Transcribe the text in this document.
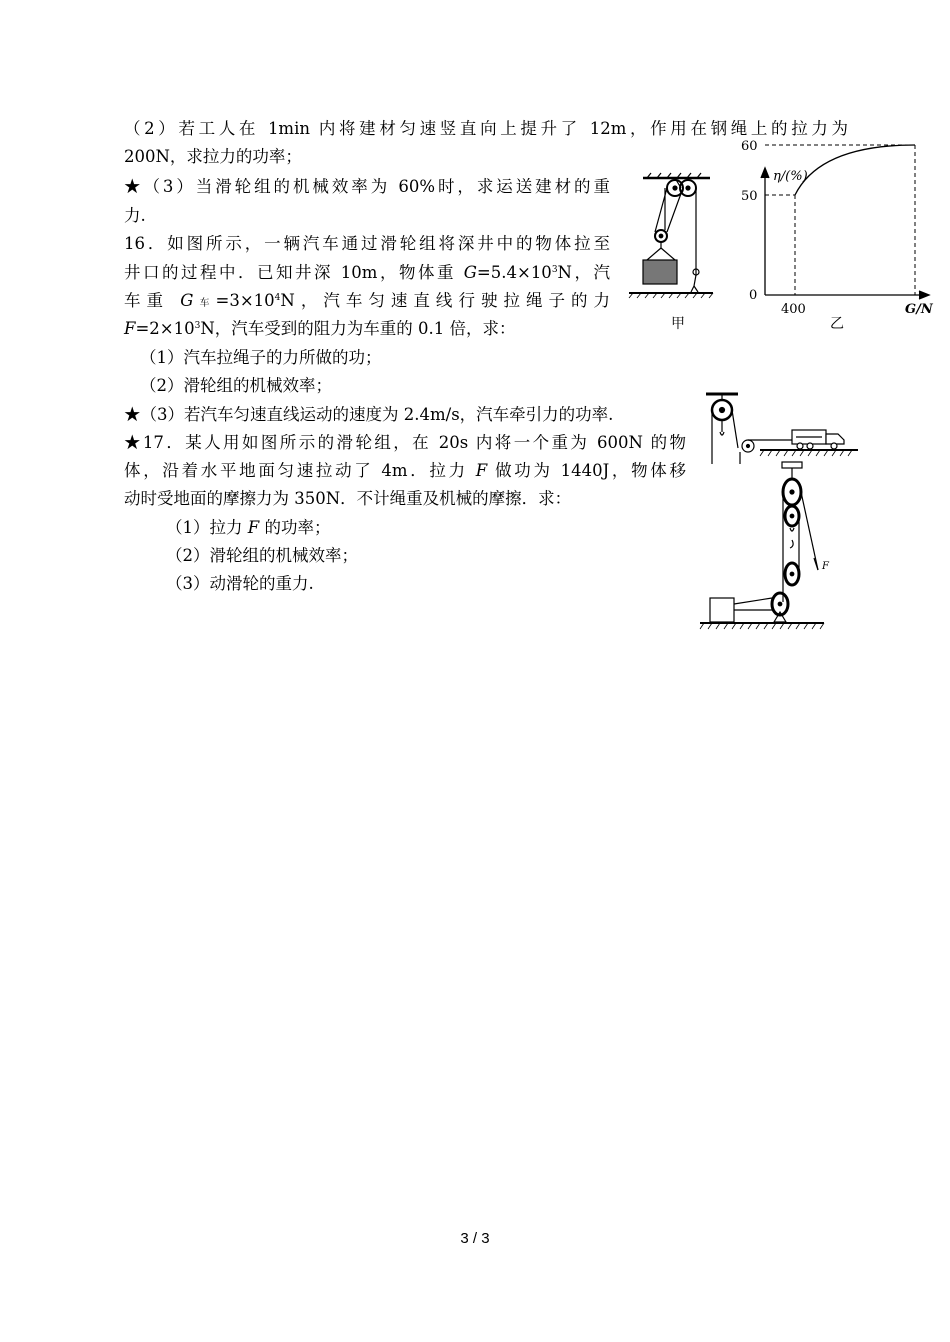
（2）若工人在 1min 内将建材匀速竖直向上提升了 12m，作用在钢绳上的拉力为
200N，求拉力的功率；
★（3）当滑轮组的机械效率为 60%时，求运送建材的重
力.
16．如图所示，一辆汽车通过滑轮组将深井中的物体拉至
井口的过程中．已知井深 10m，物体重 $G=5.4\times 10^3N$，汽
车重 G车$=3\times 10^4N$，汽车匀速直线行驶拉绳子的力
$F=2\times 10^3N$，汽车受到的阻力为车重的 0.1 倍，求：
（1）汽车拉绳子的力所做的功；
（2）滑轮组的机械效率；
★（3）若汽车匀速直线运动的速度为 2.4m/s，汽车牵引力的功率.
★17．某人用如图所示的滑轮组，在 20s 内将一个重为 600N 的物
体，沿着水平地面匀速拉动了 4m．拉力 F 做功为 1440J，物体移
动时受地面的摩擦力为 350N．不计绳重及机械的摩擦．求：
（1）拉力 F 的功率；
（2）滑轮组的机械效率；
（3）动滑轮的重力.
甲
η/(%)
60
50
0
400	G/N
乙
F
3 / 3
